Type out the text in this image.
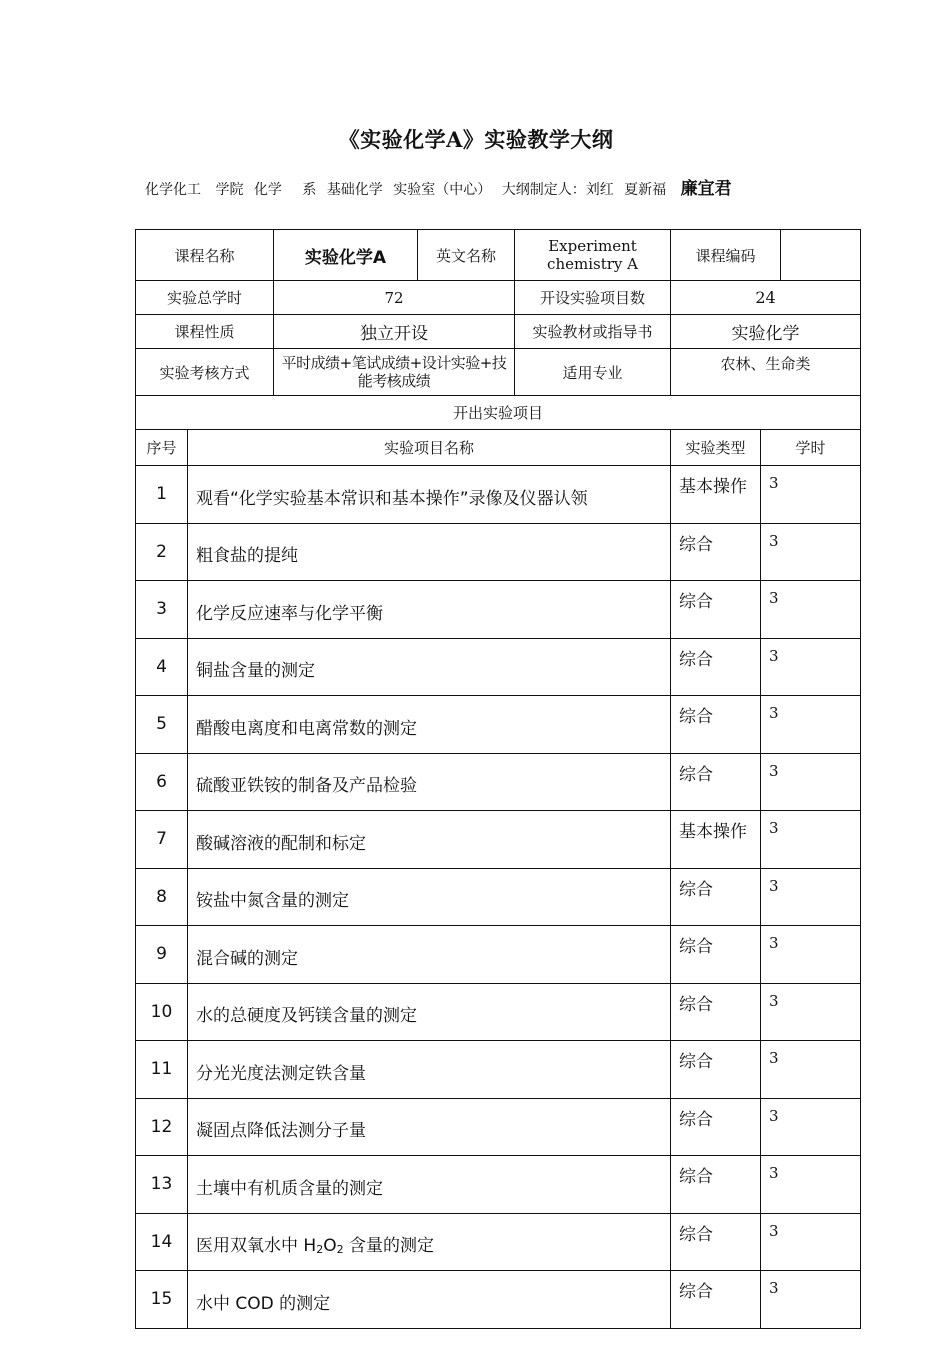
《实验化学A》实验教学大纲
化学化工 学院 化学 系 基础化学 实验室（中心） 大纲制定人：刘红 夏新福 廉宜君
课程名称		实验化学A	英文名称	Experiment chemistry A	课程编码		
实验总学时		72		开设实验项目数	24		
课程性质		独立开设		实验教材或指导书	实验化学		
实验考核方式		平时成绩+笔试成绩+设计实验+技能考核成绩		适用专业	农林、生命类		
开出实验项目							
序号	实验项目名称				实验类型	学时	
1	观看“化学实验基本常识和基本操作”录像及仪器认领				基本操作	3	
2	粗食盐的提纯				综合	3	
3	化学反应速率与化学平衡				综合	3	
4	铜盐含量的测定				综合	3	
5	醋酸电离度和电离常数的测定				综合	3	
6	硫酸亚铁铵的制备及产品检验				综合	3	
7	酸碱溶液的配制和标定				基本操作	3	
8	铵盐中氮含量的测定				综合	3	
9	混合碱的测定				综合	3	
10	水的总硬度及钙镁含量的测定				综合	3	
11	分光光度法测定铁含量				综合	3	
12	凝固点降低法测分子量				综合	3	
13	土壤中有机质含量的测定				综合	3	
14	医用双氧水中 $H_2O_2$ 含量的测定				综合	3	
15	水中 COD 的测定				综合	3	
